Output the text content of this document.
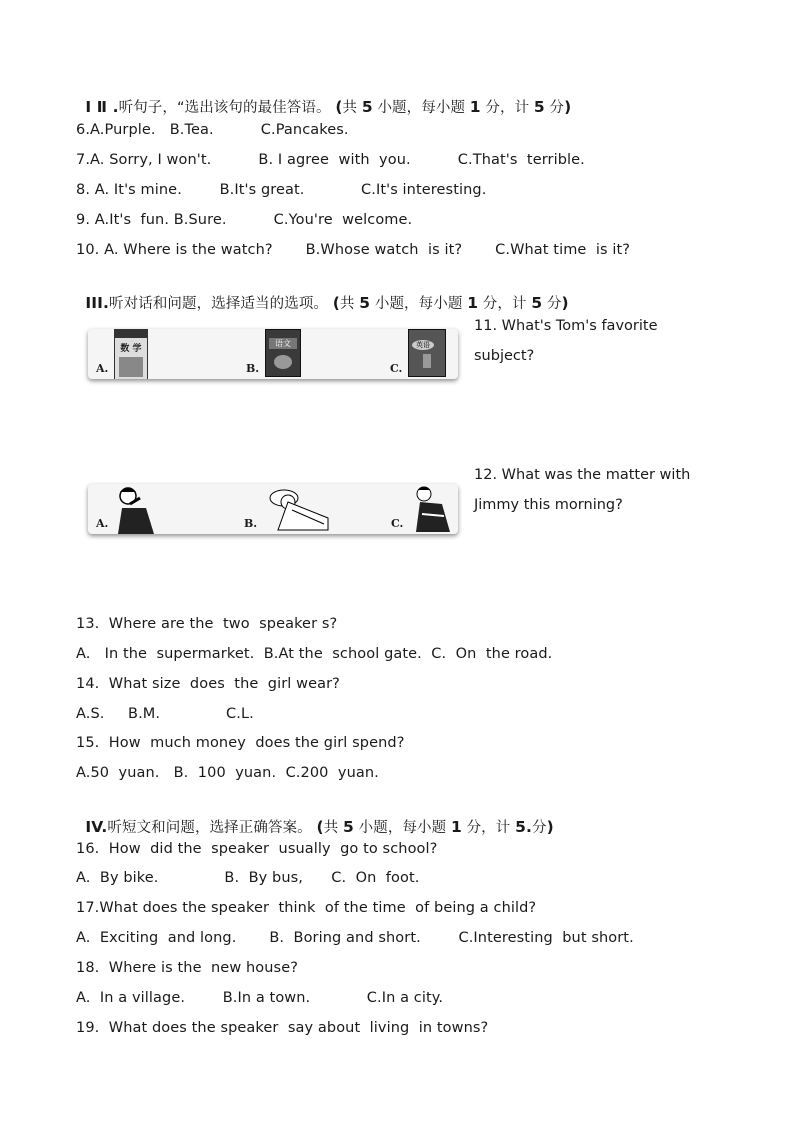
I Ⅱ .听句子，“选出该句的最佳答语。 (共 5 小题，每小题 1 分，计 5 分)

6.A.Purple.   B.Tea.          C.Pancakes.
7.A. Sorry, I won't.          B. I agree  with  you.          C.That's  terrible.
8. A. It's mine.        B.It's great.            C.It's interesting.
9. A.It's  fun. B.Sure.          C.You're  welcome.
10. A. Where is the watch?       B.Whose watch  is it?       C.What time  is it?

III.听对话和问题，选择适当的选项。 (共 5 小题，每小题 1 分，计 5 分)

A.
数 学
B.
语文
C.
英语
11. What's Tom's favorite subject?
A.	B.	C.
12. What was the matter with Jimmy this morning?
13.  Where are the  two  speaker s?
A.   In the  supermarket.  B.At the  school gate.  C.  On  the road.
14.  What size  does  the  girl wear?
A.S.     B.M.              C.L.
15.  How  much money  does the girl spend?
A.50  yuan.   B.  100  yuan.  C.200  yuan.

IV.听短文和问题，选择正确答案。 (共 5 小题，每小题 1 分，计 5.分)

16.  How  did the  speaker  usually  go to school?
A.  By bike.              B.  By bus,      C.  On  foot.
17.What does the speaker  think  of the time  of being a child?
A.  Exciting  and long.       B.  Boring and short.        C.Interesting  but short.
18.  Where is the  new house?
A.  In a village.        B.In a town.            C.In a city.
19.  What does the speaker  say about  living  in towns?
